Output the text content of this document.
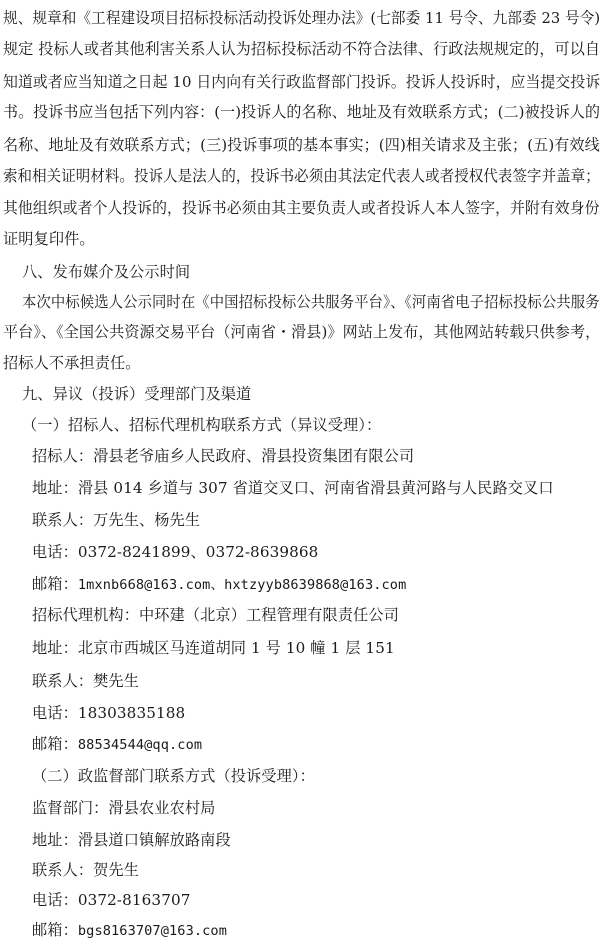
规、规章和《工程建设项目招标投标活动投诉处理办法》(七部委 11 号令、九部委 23 号令)
规定 投标人或者其他利害关系人认为招标投标活动不符合法律、行政法规规定的，可以自
知道或者应当知道之日起 10 日内向有关行政监督部门投诉。投诉人投诉时，应当提交投诉
书。投诉书应当包括下列内容：(一)投诉人的名称、地址及有效联系方式；(二)被投诉人的
名称、地址及有效联系方式；(三)投诉事项的基本事实；(四)相关请求及主张；(五)有效线
索和相关证明材料。投诉人是法人的，投诉书必须由其法定代表人或者授权代表签字并盖章；
其他组织或者个人投诉的，投诉书必须由其主要负责人或者投诉人本人签字，并附有效身份
证明复印件。
八、发布媒介及公示时间
本次中标候选人公示同时在《中国招标投标公共服务平台》、《河南省电子招标投标公共服务
平台》、《全国公共资源交易平台（河南省・滑县)》网站上发布，其他网站转载只供参考，
招标人不承担责任。
九、异议（投诉）受理部门及渠道
（一）招标人、招标代理机构联系方式（异议受理）：
招标人：滑县老爷庙乡人民政府、滑县投资集团有限公司
地址：滑县 014 乡道与 307 省道交叉口、河南省滑县黄河路与人民路交叉口
联系人：万先生、杨先生
电话：0372-8241899、0372-8639868
邮箱：1mxnb668@163.com、hxtzyyb8639868@163.com
招标代理机构：中环建（北京）工程管理有限责任公司
地址：北京市西城区马连道胡同 1 号 10 幢 1 层 151
联系人：樊先生
电话：18303835188
邮箱：88534544@qq.com
（二）政监督部门联系方式（投诉受理）：
监督部门：滑县农业农村局
地址：滑县道口镇解放路南段
联系人：贺先生
电话：0372-8163707
邮箱：bgs8163707@163.com
